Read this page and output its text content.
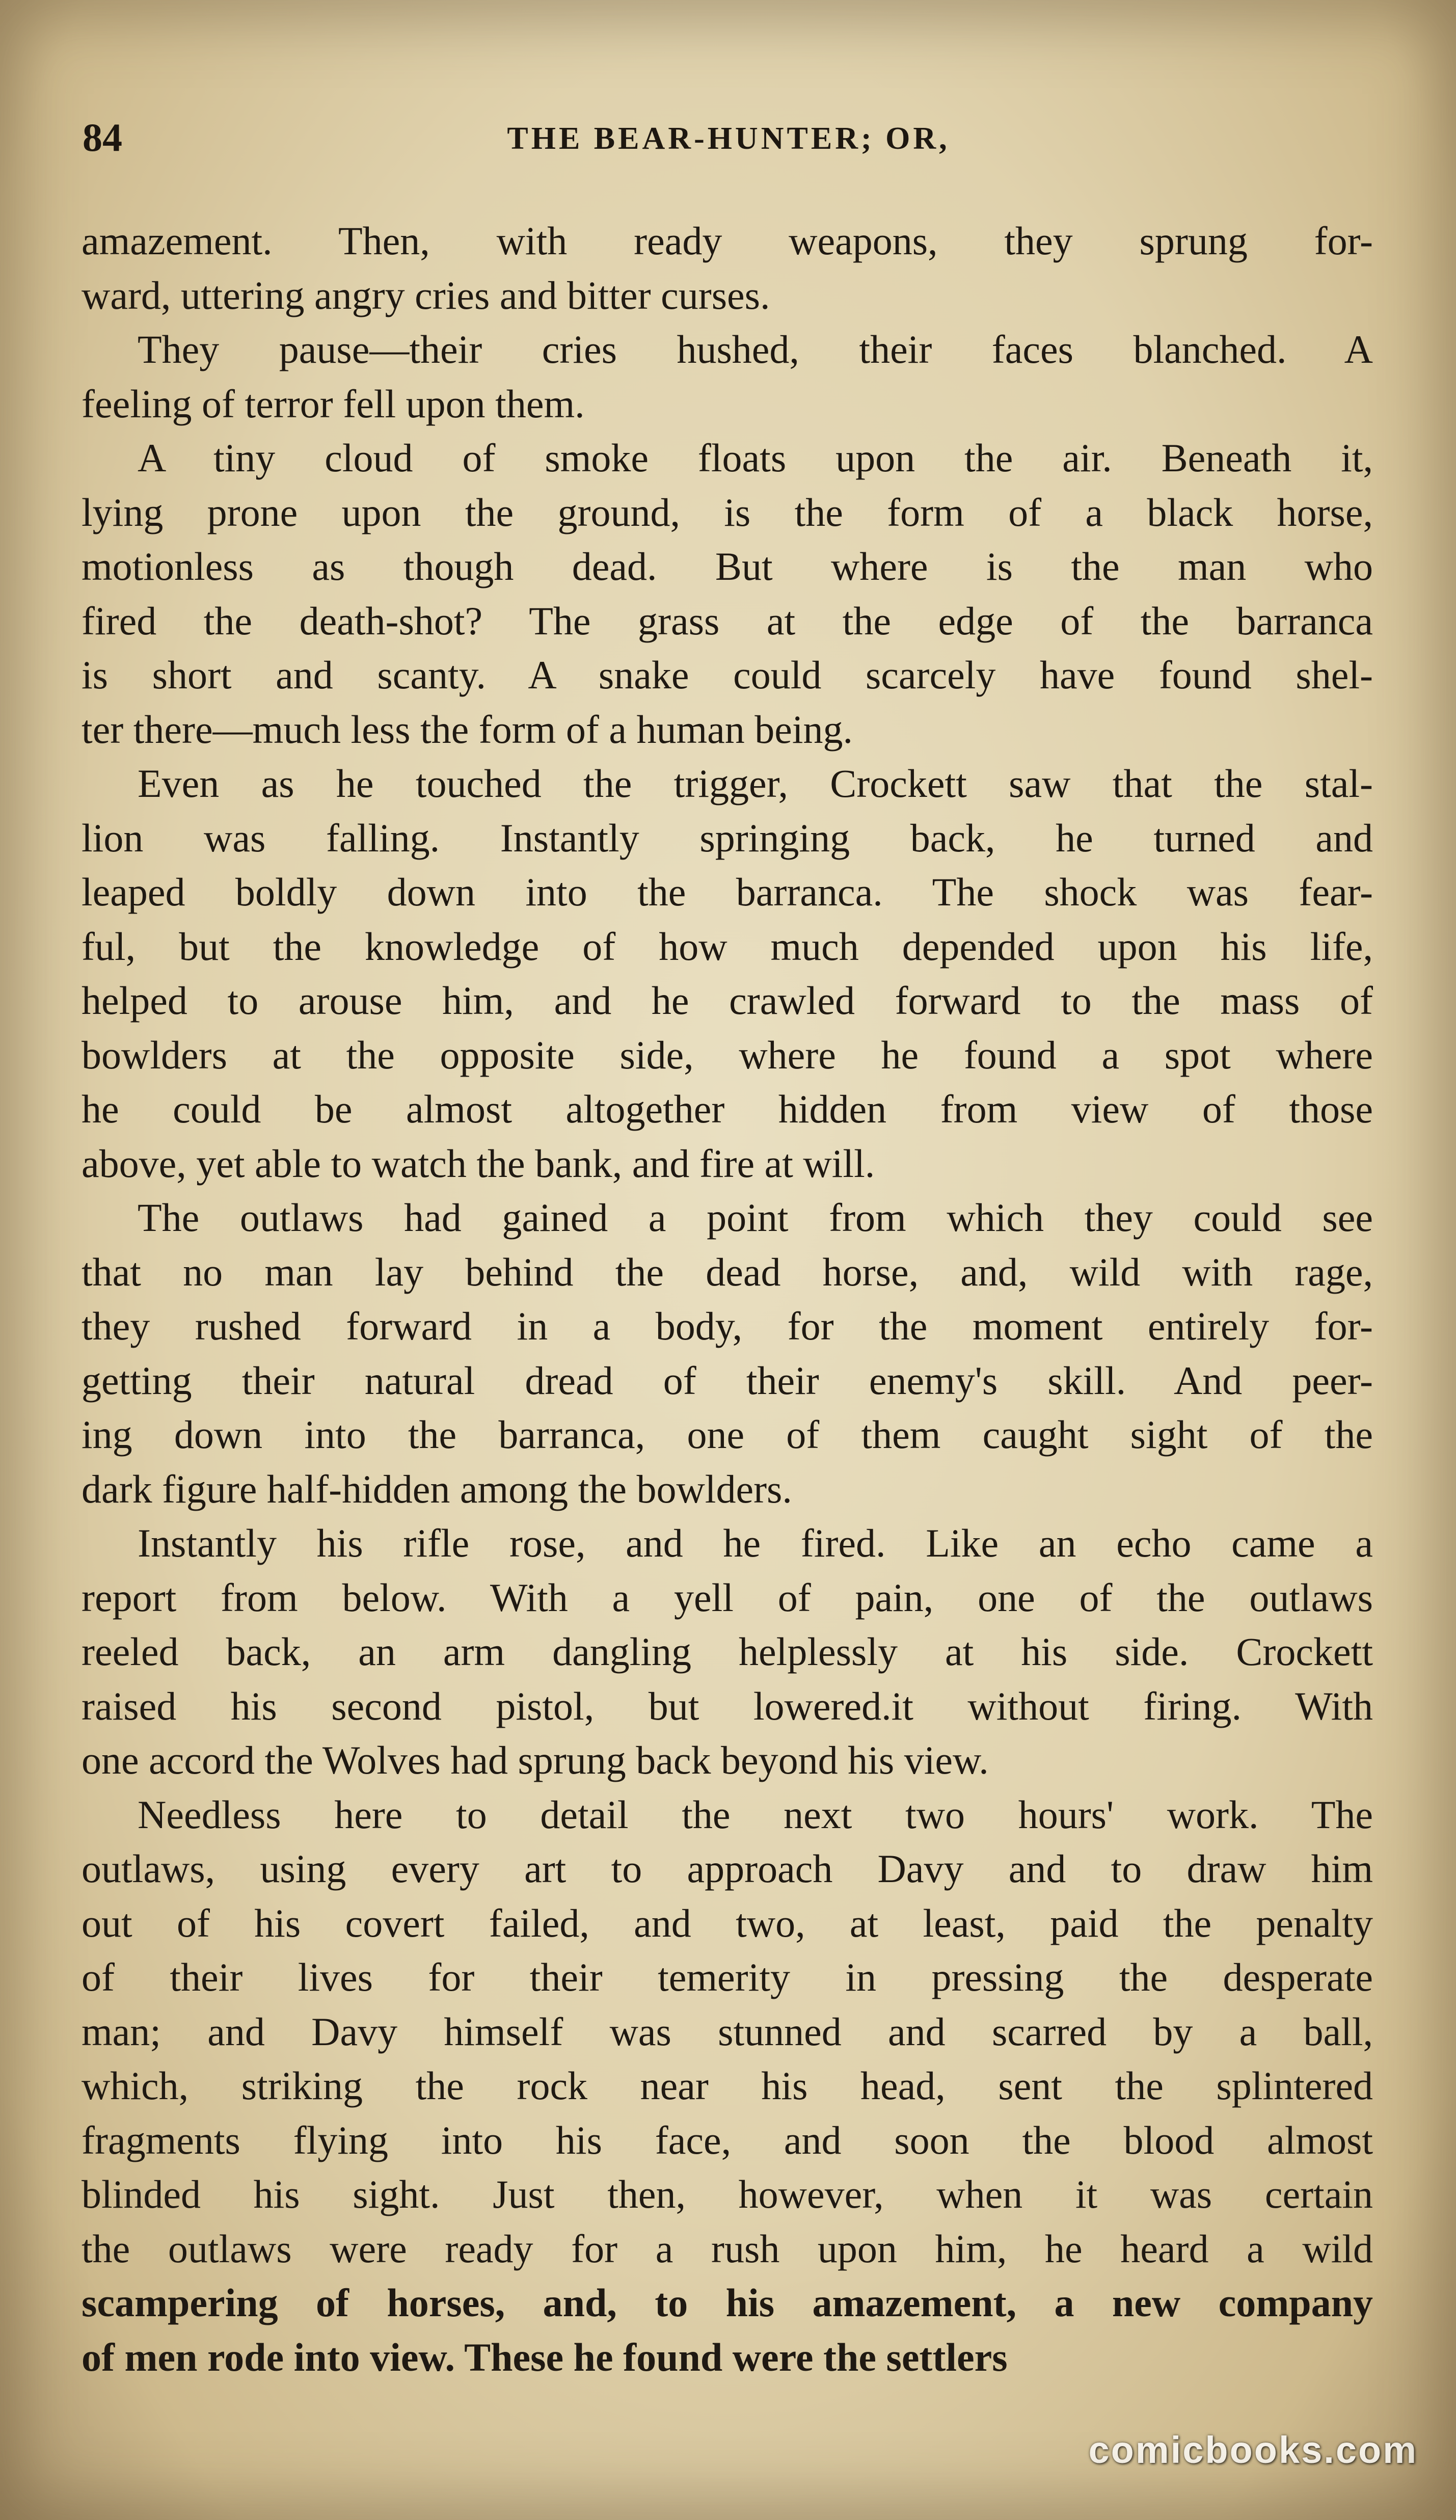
84	THE BEAR-HUNTER; OR,
amazement. Then, with ready weapons, they sprung for-
ward, uttering angry cries and bitter curses.
They pause—their cries hushed, their faces blanched. A
feeling of terror fell upon them.
A tiny cloud of smoke floats upon the air. Beneath it,
lying prone upon the ground, is the form of a black horse,
motionless as though dead. But where is the man who
fired the death-shot? The grass at the edge of the barranca
is short and scanty. A snake could scarcely have found shel-
ter there—much less the form of a human being.
Even as he touched the trigger, Crockett saw that the stal-
lion was falling. Instantly springing back, he turned and
leaped boldly down into the barranca. The shock was fear-
ful, but the knowledge of how much depended upon his life,
helped to arouse him, and he crawled forward to the mass of
bowlders at the opposite side, where he found a spot where
he could be almost altogether hidden from view of those
above, yet able to watch the bank, and fire at will.
The outlaws had gained a point from which they could see
that no man lay behind the dead horse, and, wild with rage,
they rushed forward in a body, for the moment entirely for-
getting their natural dread of their enemy's skill. And peer-
ing down into the barranca, one of them caught sight of the
dark figure half-hidden among the bowlders.
Instantly his rifle rose, and he fired. Like an echo came a
report from below. With a yell of pain, one of the outlaws
reeled back, an arm dangling helplessly at his side. Crockett
raised his second pistol, but lowered.it without firing. With
one accord the Wolves had sprung back beyond his view.
Needless here to detail the next two hours' work. The
outlaws, using every art to approach Davy and to draw him
out of his covert failed, and two, at least, paid the penalty
of their lives for their temerity in pressing the desperate
man; and Davy himself was stunned and scarred by a ball,
which, striking the rock near his head, sent the splintered
fragments flying into his face, and soon the blood almost
blinded his sight. Just then, however, when it was certain
the outlaws were ready for a rush upon him, he heard a wild
scampering of horses, and, to his amazement, a new company
of men rode into view. These he found were the settlers
comicbooks.com
